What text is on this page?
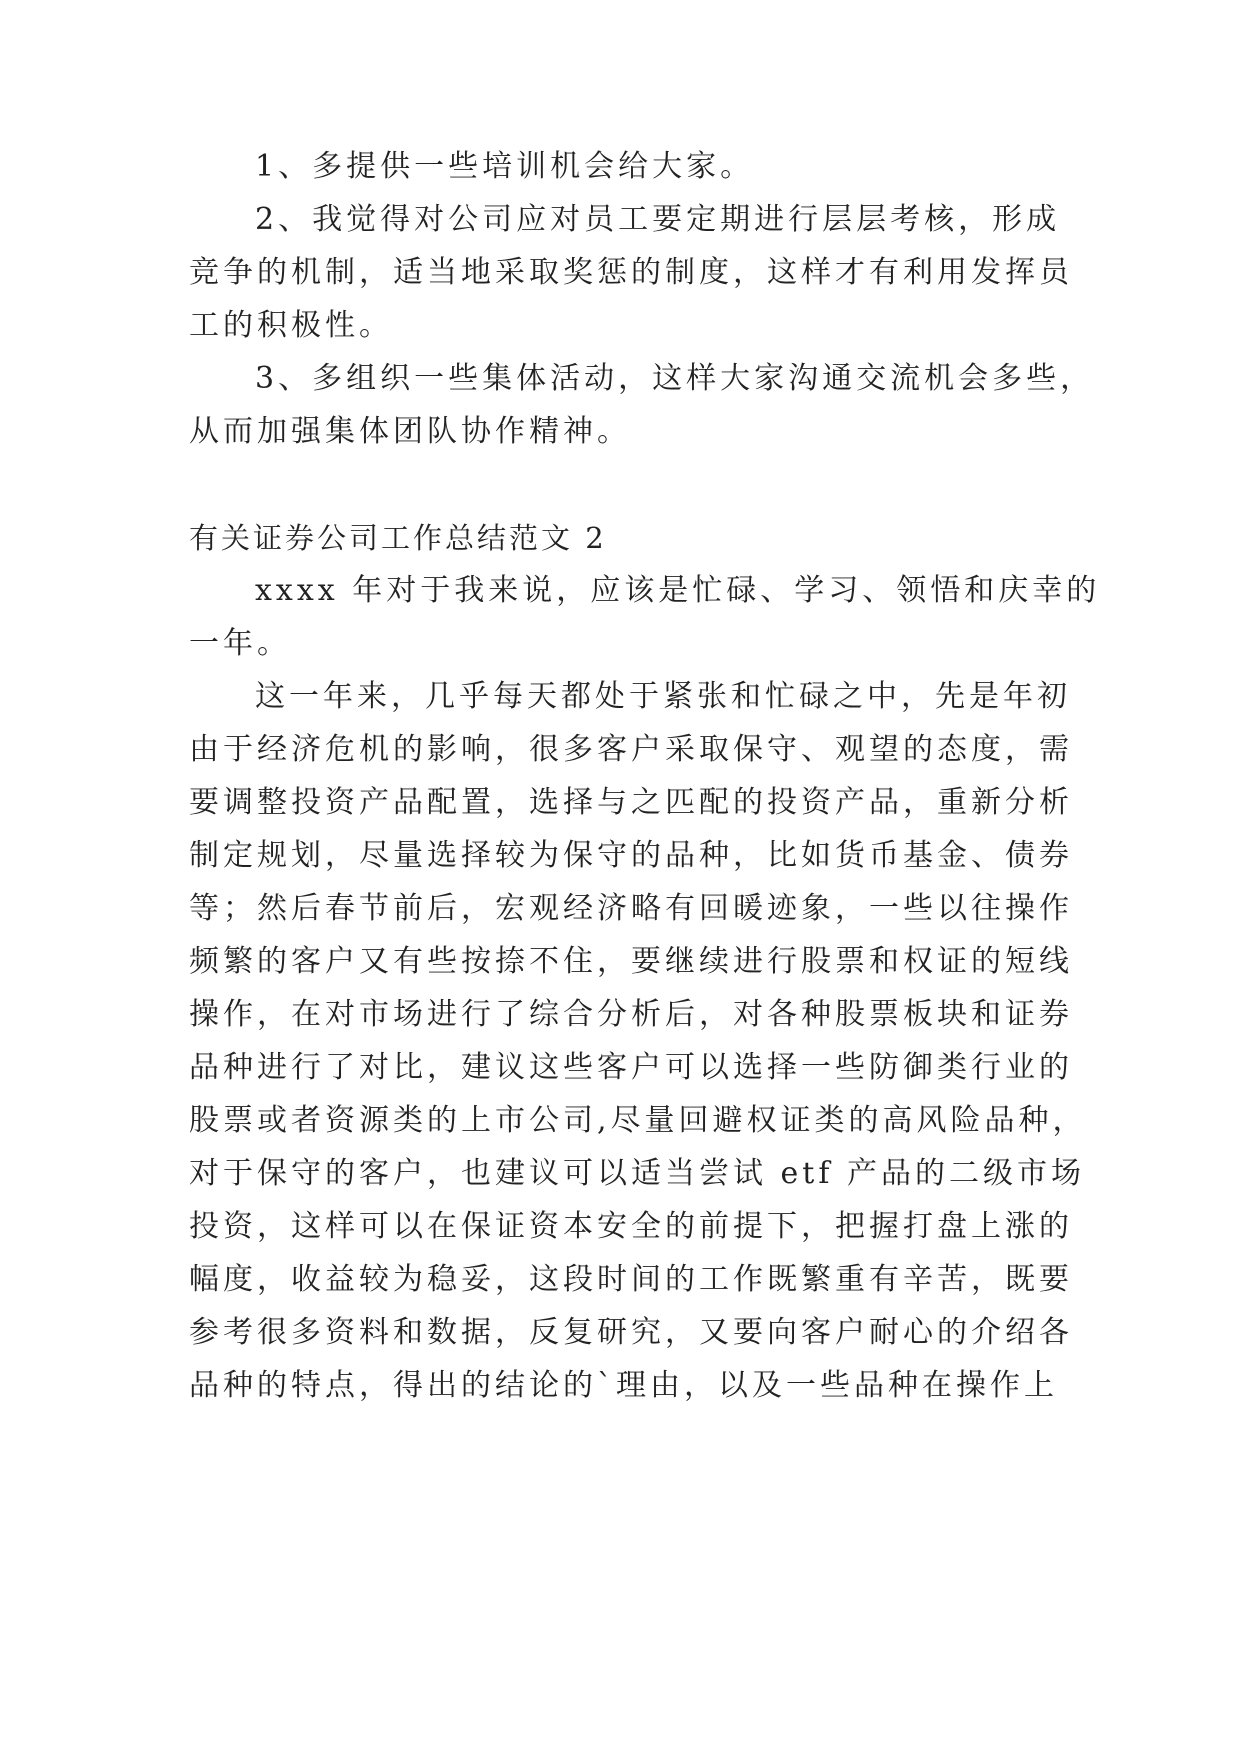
1、多提供一些培训机会给大家。
2、我觉得对公司应对员工要定期进行层层考核，形成
竞争的机制，适当地采取奖惩的制度，这样才有利用发挥员
工的积极性。
3、多组织一些集体活动，这样大家沟通交流机会多些，
从而加强集体团队协作精神。
有关证券公司工作总结范文 2
xxxx 年对于我来说，应该是忙碌、学习、领悟和庆幸的
一年。
这一年来，几乎每天都处于紧张和忙碌之中，先是年初
由于经济危机的影响，很多客户采取保守、观望的态度，需
要调整投资产品配置，选择与之匹配的投资产品，重新分析
制定规划，尽量选择较为保守的品种，比如货币基金、债券
等；然后春节前后，宏观经济略有回暖迹象，一些以往操作
频繁的客户又有些按捺不住，要继续进行股票和权证的短线
操作，在对市场进行了综合分析后，对各种股票板块和证券
品种进行了对比，建议这些客户可以选择一些防御类行业的
股票或者资源类的上市公司,尽量回避权证类的高风险品种，
对于保守的客户，也建议可以适当尝试 etf 产品的二级市场
投资，这样可以在保证资本安全的前提下，把握打盘上涨的
幅度，收益较为稳妥，这段时间的工作既繁重有辛苦，既要
参考很多资料和数据，反复研究，又要向客户耐心的介绍各
品种的特点，得出的结论的`理由，以及一些品种在操作上
